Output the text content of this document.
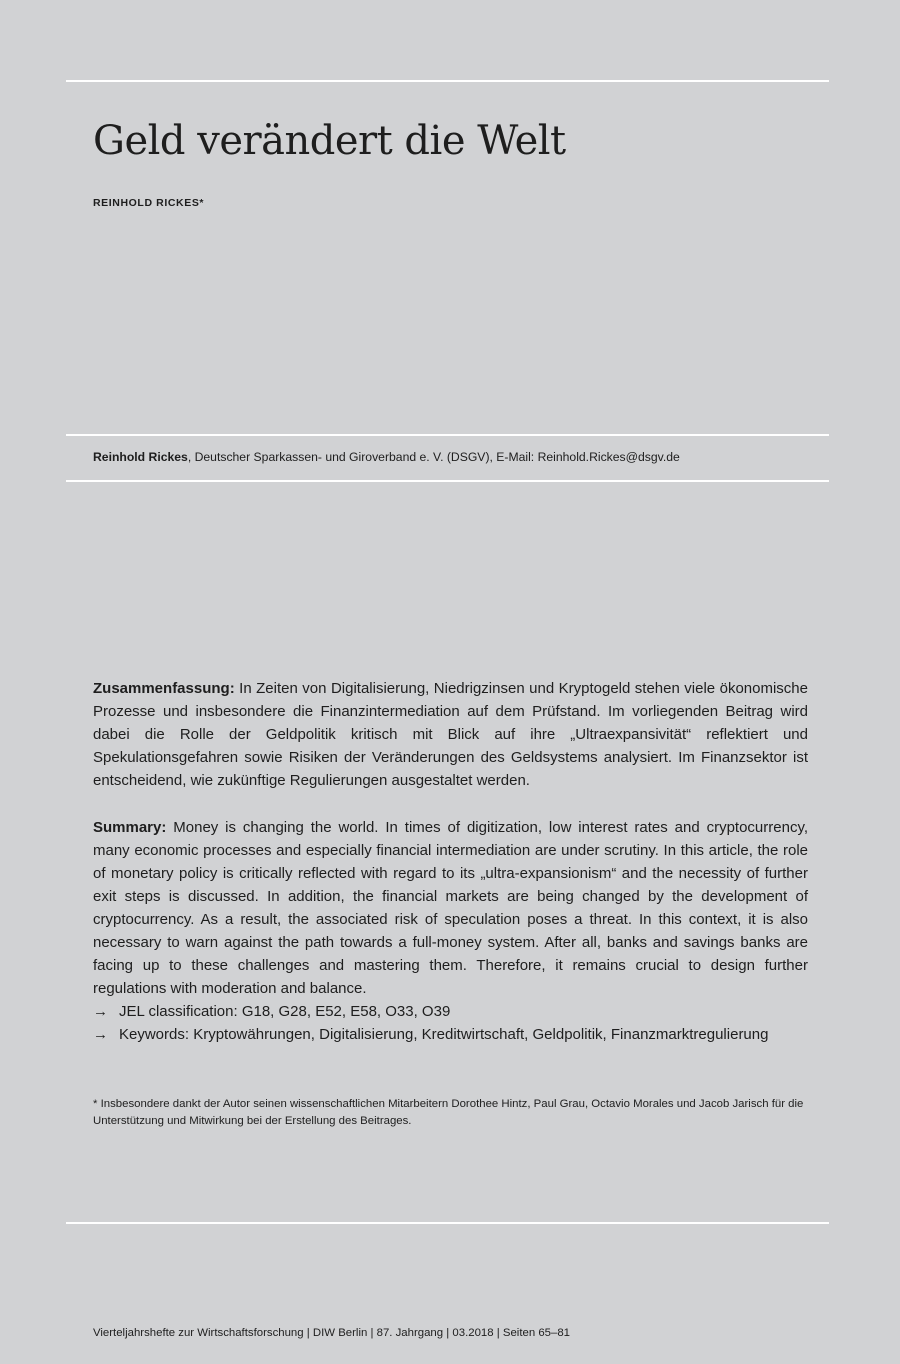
Geld verändert die Welt
REINHOLD RICKES*
Reinhold Rickes, Deutscher Sparkassen- und Giroverband e. V. (DSGV), E-Mail: Reinhold.Rickes@dsgv.de

Zusammenfassung: In Zeiten von Digitalisierung, Niedrigzinsen und Kryptogeld stehen viele ökonomische Prozesse und insbesondere die Finanzintermediation auf dem Prüfstand. Im vorliegenden Beitrag wird dabei die Rolle der Geldpolitik kritisch mit Blick auf ihre „Ultraexpansivität“ reflektiert und Spekulationsgefahren sowie Risiken der Veränderungen des Geldsystems analysiert. Im Finanzsektor ist entscheidend, wie zukünftige Regulierungen ausgestaltet werden.

Summary: Money is changing the world. In times of digitization, low interest rates and cryptocurrency, many economic processes and especially financial intermediation are under scrutiny. In this article, the role of monetary policy is critically reflected with regard to its „ultra-expansionism“ and the necessity of further exit steps is discussed. In addition, the financial markets are being changed by the development of cryptocurrency. As a result, the associated risk of speculation poses a threat. In this context, it is also necessary to warn against the path towards a full-money system. After all, banks and savings banks are facing up to these challenges and mastering them. Therefore, it remains crucial to design further regulations with moderation and balance.

→ JEL classification: G18, G28, E52, E58, O33, O39
→ Keywords: Kryptowährungen, Digitalisierung, Kreditwirtschaft, Geldpolitik, Finanzmarktregulierung

* Insbesondere dankt der Autor seinen wissenschaftlichen Mitarbeitern Dorothee Hintz, Paul Grau, Octavio Morales und Jacob Jarisch für die Unterstützung und Mitwirkung bei der Erstellung des Beitrages.

Vierteljahrshefte zur Wirtschaftsforschung | DIW Berlin | 87. Jahrgang | 03.2018 | Seiten 65–81
